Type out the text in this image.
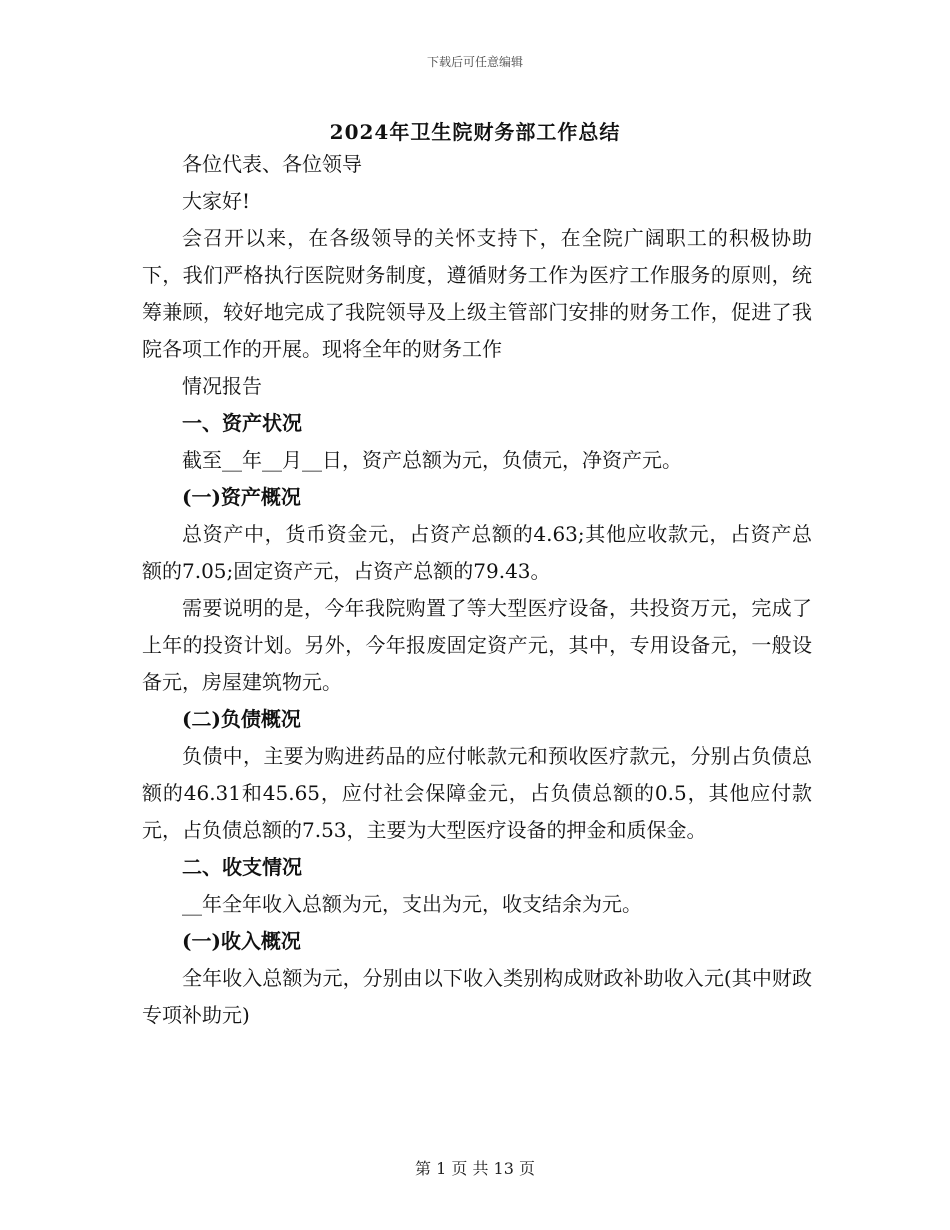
下载后可任意编辑
2024年卫生院财务部工作总结

各位代表、各位领导

大家好!

会召开以来，在各级领导的关怀支持下，在全院广阔职工的积极协助下，我们严格执行医院财务制度，遵循财务工作为医疗工作服务的原则，统筹兼顾，较好地完成了我院领导及上级主管部门安排的财务工作，促进了我院各项工作的开展。现将全年的财务工作

情况报告

一、资产状况

截至__年__月__日，资产总额为元，负债元，净资产元。

(一)资产概况

总资产中，货币资金元，占资产总额的4.63;其他应收款元，占资产总额的7.05;固定资产元，占资产总额的79.43。

需要说明的是，今年我院购置了等大型医疗设备，共投资万元，完成了上年的投资计划。另外，今年报废固定资产元，其中，专用设备元，一般设备元，房屋建筑物元。

(二)负债概况

负债中，主要为购进药品的应付帐款元和预收医疗款元，分别占负债总额的46.31和45.65，应付社会保障金元，占负债总额的0.5，其他应付款元，占负债总额的7.53，主要为大型医疗设备的押金和质保金。

二、收支情况

__年全年收入总额为元，支出为元，收支结余为元。

(一)收入概况

全年收入总额为元，分别由以下收入类别构成财政补助收入元(其中财政专项补助元)

第 1 页 共 13 页
